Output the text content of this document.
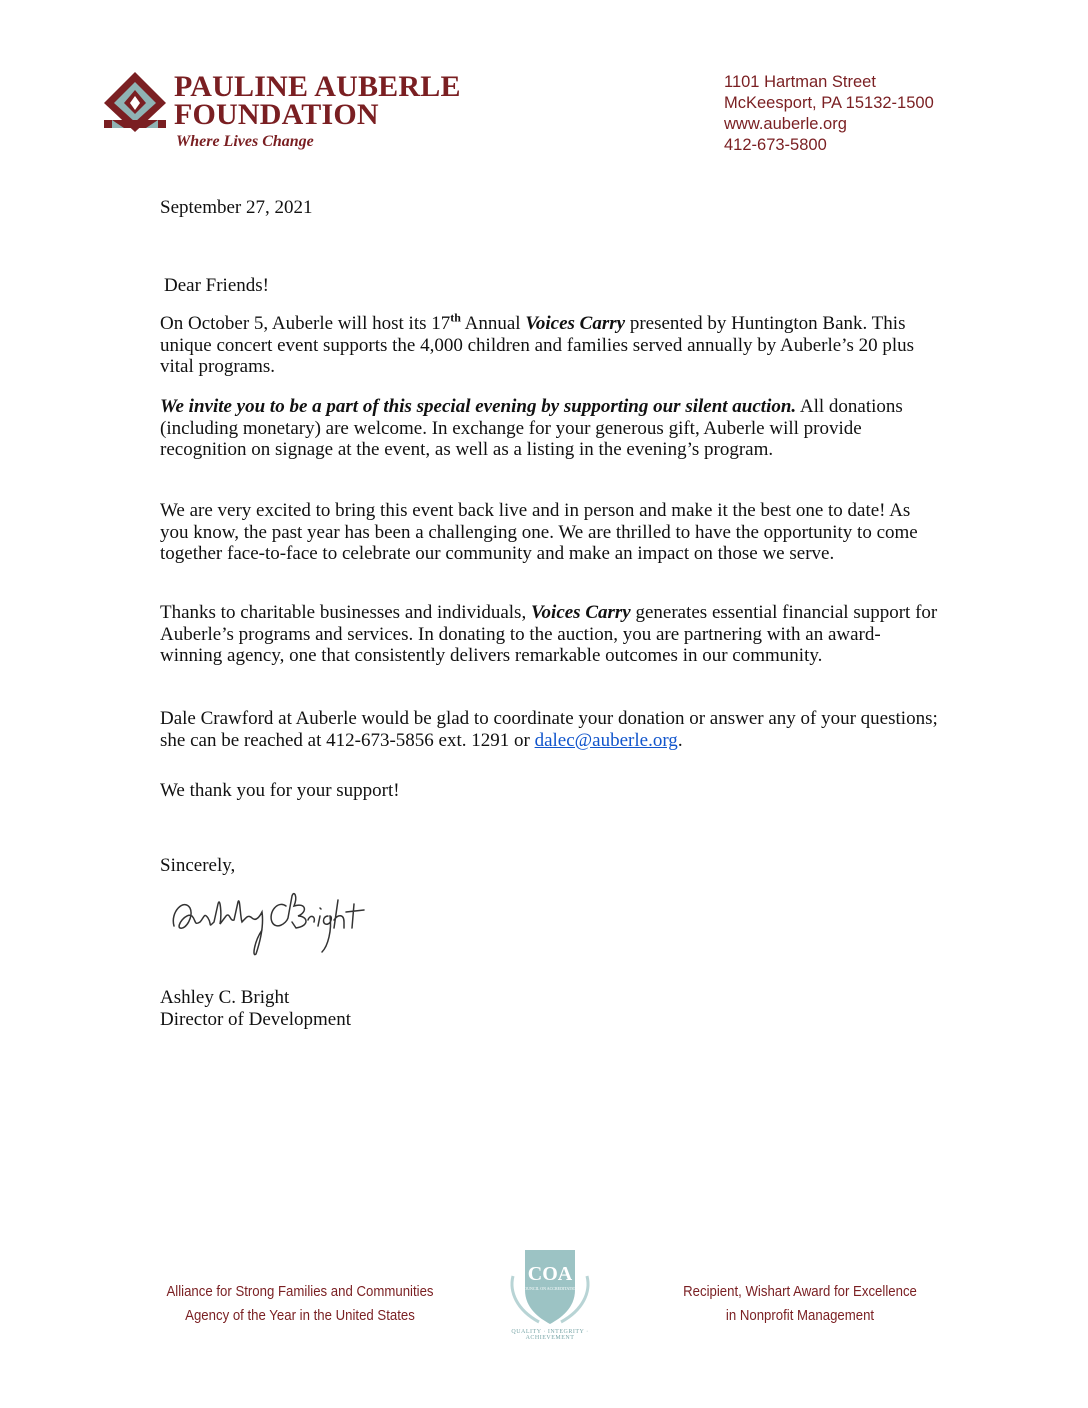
PAULINE AUBERLE
FOUNDATION
Where Lives Change
1101 Hartman Street
McKeesport, PA 15132-1500
www.auberle.org
412-673-5800
September 27, 2021
Dear Friends!
On October 5, Auberle will host its 17th Annual Voices Carry presented by Huntington Bank. This unique concert event supports the 4,000 children and families served annually by Auberle’s 20 plus vital programs.
We invite you to be a part of this special evening by supporting our silent auction. All donations (including monetary) are welcome. In exchange for your generous gift, Auberle will provide recognition on signage at the event, as well as a listing in the evening’s program.
We are very excited to bring this event back live and in person and make it the best one to date! As you know, the past year has been a challenging one. We are thrilled to have the opportunity to come together face-to-face to celebrate our community and make an impact on those we serve.
Thanks to charitable businesses and individuals, Voices Carry generates essential financial support for Auberle’s programs and services. In donating to the auction, you are partnering with an award-winning agency, one that consistently delivers remarkable outcomes in our community.
Dale Crawford at Auberle would be glad to coordinate your donation or answer any of your questions; she can be reached at 412-673-5856 ext. 1291 or dalec@auberle.org.
We thank you for your support!
Sincerely,
Ashley C. Bright
Director of Development
Alliance for Strong Families and Communities
Agency of the Year in the United States
COA
COUNCIL ON ACCREDITATION
QUALITY · INTEGRITY · ACHIEVEMENT
Recipient, Wishart Award for Excellence
in Nonprofit Management
